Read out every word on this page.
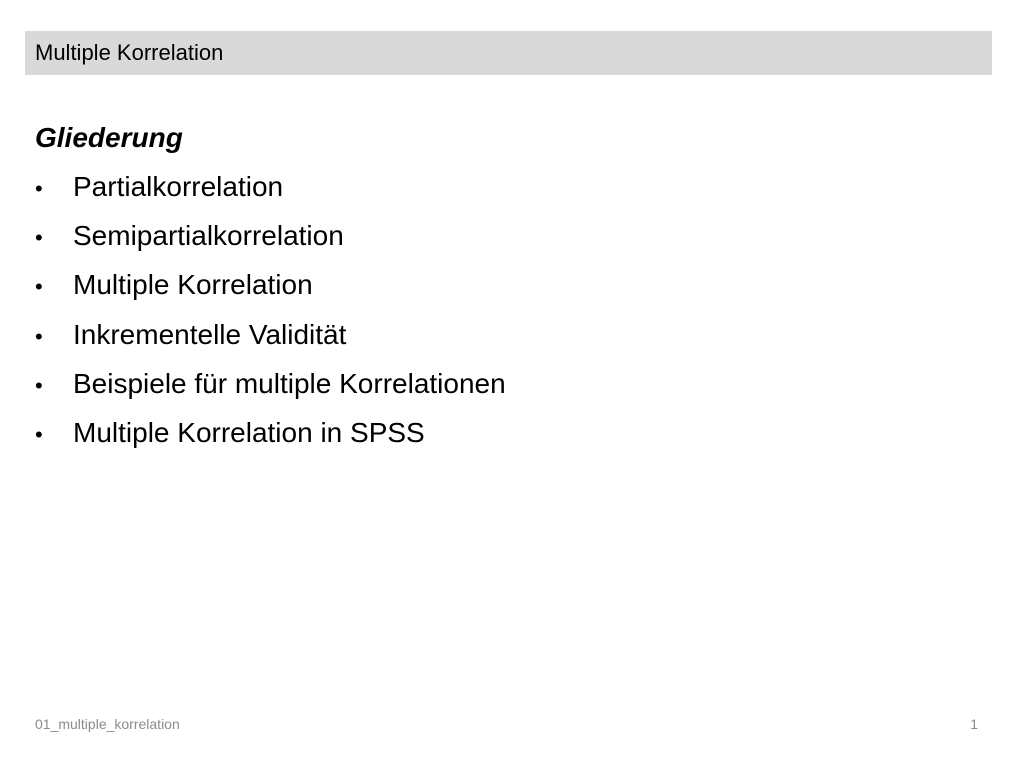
Multiple Korrelation
Gliederung
•	Partialkorrelation
•	Semipartialkorrelation
•	Multiple Korrelation
•	Inkrementelle Validität
•	Beispiele für multiple Korrelationen
•	Multiple Korrelation in SPSS
01_multiple_korrelation	1
